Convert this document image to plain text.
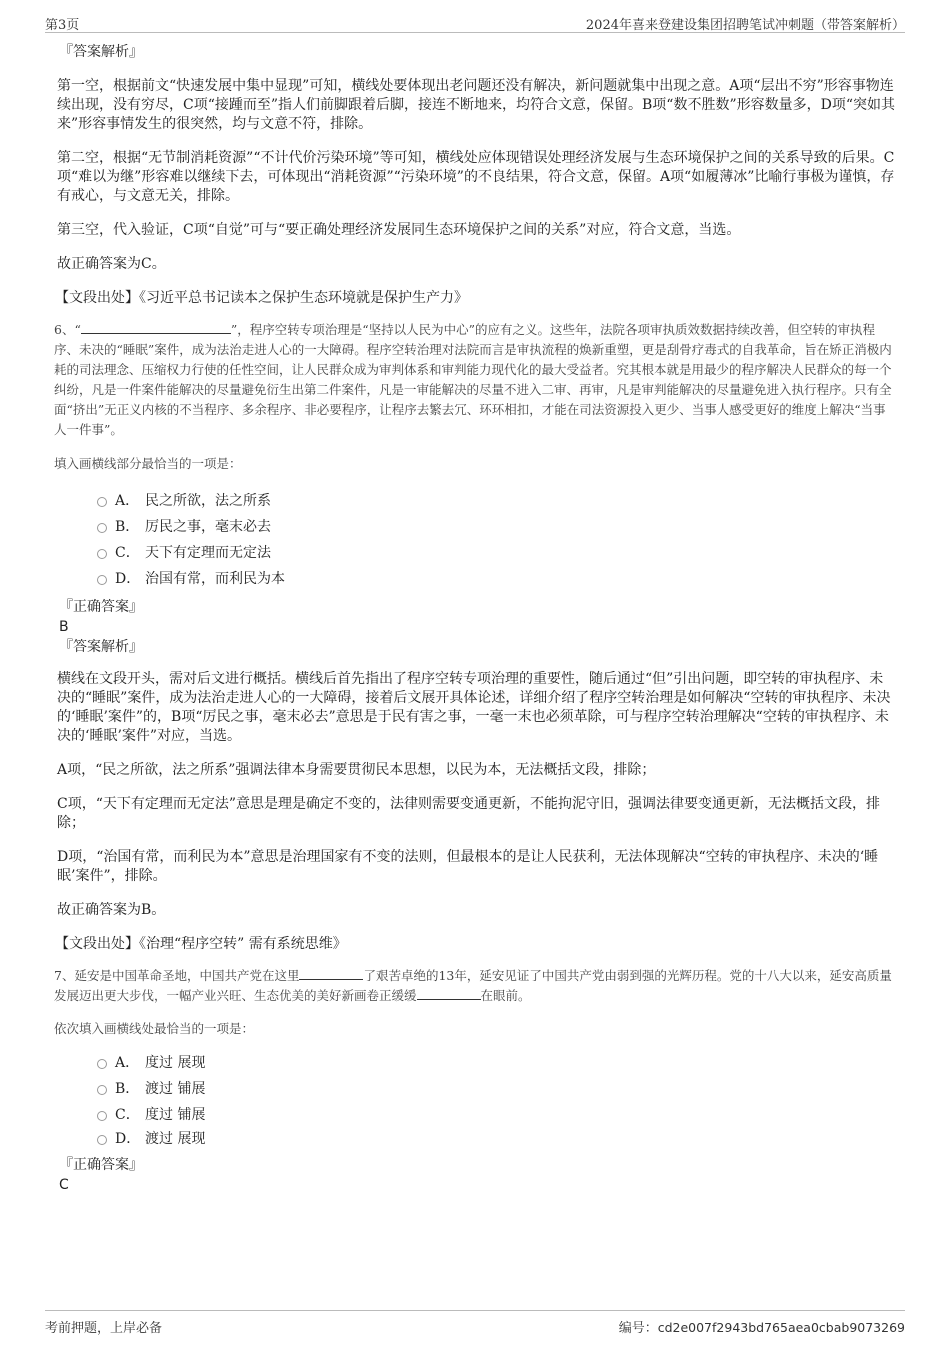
第3页	2024年喜来登建设集团招聘笔试冲刺题（带答案解析）

『答案解析』

第一空，根据前文“快速发展中集中显现”可知，横线处要体现出老问题还没有解决，新问题就集中出现之意。A项“层出不穷”形容事物连续出现，没有穷尽，C项“接踵而至”指人们前脚跟着后脚，接连不断地来，均符合文意，保留。B项“数不胜数”形容数量多，D项“突如其来”形容事情发生的很突然，均与文意不符，排除。

第二空，根据“无节制消耗资源”“不计代价污染环境”等可知，横线处应体现错误处理经济发展与生态环境保护之间的关系导致的后果。C项“难以为继”形容难以继续下去，可体现出“消耗资源”“污染环境”的不良结果，符合文意，保留。A项“如履薄冰”比喻行事极为谨慎，存有戒心，与文意无关，排除。

第三空，代入验证，C项“自觉”可与“要正确处理经济发展同生态环境保护之间的关系”对应，符合文意，当选。

故正确答案为C。

【文段出处】《习近平总书记读本之保护生态环境就是保护生产力》

6、“	”，程序空转专项治理是“坚持以人民为中心”的应有之义。这些年，法院各项审执质效数据持续改善，但空转的审执程序、未决的“睡眠”案件，成为法治走进人心的一大障碍。程序空转治理对法院而言是审执流程的焕新重塑，更是刮骨疗毒式的自我革命，旨在矫正消极内耗的司法理念、压缩权力行使的任性空间，让人民群众成为审判体系和审判能力现代化的最大受益者。究其根本就是用最少的程序解决人民群众的每一个纠纷，凡是一件案件能解决的尽量避免衍生出第二件案件，凡是一审能解决的尽量不进入二审、再审，凡是审判能解决的尽量避免进入执行程序。只有全面“挤出”无正义内核的不当程序、多余程序、非必要程序，让程序去繁去冗、环环相扣，才能在司法资源投入更少、当事人感受更好的维度上解决“当事人一件事”。

填入画横线部分最恰当的一项是：

A． 民之所欲，法之所系
B． 厉民之事，毫末必去
C． 天下有定理而无定法
D． 治国有常，而利民为本

『正确答案』

B

『答案解析』

横线在文段开头，需对后文进行概括。横线后首先指出了程序空转专项治理的重要性，随后通过“但”引出问题，即空转的审执程序、未决的“睡眠”案件，成为法治走进人心的一大障碍，接着后文展开具体论述，详细介绍了程序空转治理是如何解决“空转的审执程序、未决的‘睡眠’案件”的，B项“厉民之事，毫末必去”意思是于民有害之事，一毫一末也必须革除，可与程序空转治理解决“空转的审执程序、未决的‘睡眠’案件”对应，当选。

A项，“民之所欲，法之所系”强调法律本身需要贯彻民本思想，以民为本，无法概括文段，排除；

C项，“天下有定理而无定法”意思是理是确定不变的，法律则需要变通更新，不能拘泥守旧，强调法律要变通更新，无法概括文段，排除；

D项，“治国有常，而利民为本”意思是治理国家有不变的法则，但最根本的是让人民获利，无法体现解决“空转的审执程序、未决的‘睡眠’案件”，排除。

故正确答案为B。

【文段出处】《治理“程序空转” 需有系统思维》

7、延安是中国革命圣地，中国共产党在这里	了艰苦卓绝的13年，延安见证了中国共产党由弱到强的光辉历程。党的十八大以来，延安高质量发展迈出更大步伐，一幅产业兴旺、生态优美的美好新画卷正缓缓	在眼前。

依次填入画横线处最恰当的一项是：

A． 度过 展现
B． 渡过 铺展
C． 度过 铺展
D． 渡过 展现

『正确答案』

C

考前押题，上岸必备	编号：cd2e007f2943bd765aea0cbab9073269
